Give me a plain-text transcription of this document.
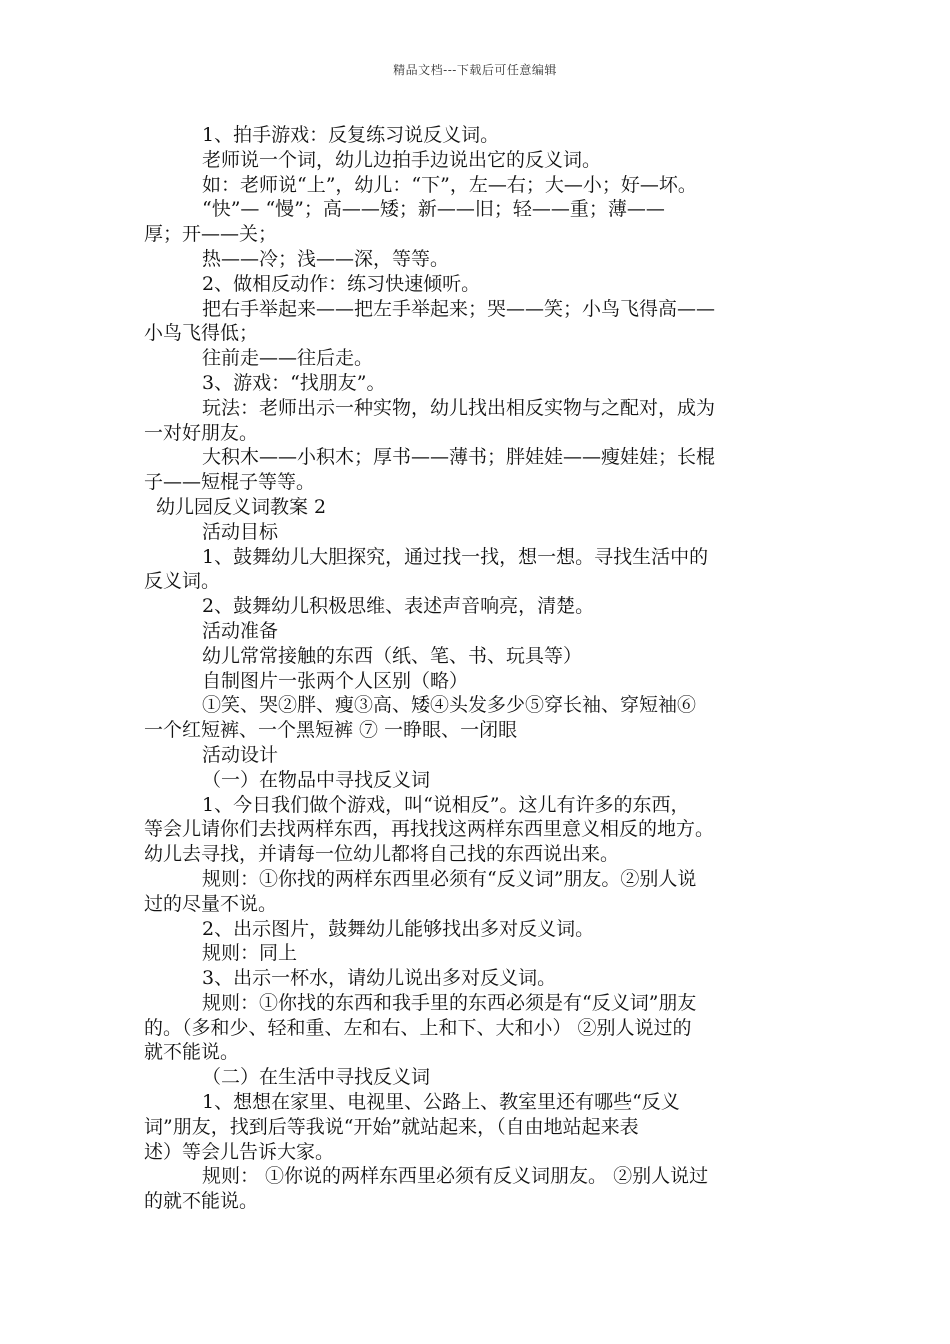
精品文档---下载后可任意编辑
1、拍手游戏：反复练习说反义词。
老师说一个词，幼儿边拍手边说出它的反义词。
如：老师说“上”，幼儿：“下”，左—右；大—小；好—坏。
“快”— “慢”；高——矮；新——旧；轻——重；薄——
厚；开——关；
热——冷；浅——深，等等。
2、做相反动作：练习快速倾听。
把右手举起来——把左手举起来；哭——笑；小鸟飞得高——
小鸟飞得低；
往前走——往后走。
3、游戏：“找朋友”。
玩法：老师出示一种实物，幼儿找出相反实物与之配对，成为
一对好朋友。
大积木——小积木；厚书——薄书；胖娃娃——瘦娃娃；长棍
子——短棍子等等。
幼儿园反义词教案 2
活动目标
1、鼓舞幼儿大胆探究，通过找一找，想一想。寻找生活中的
反义词。
2、鼓舞幼儿积极思维、表述声音响亮，清楚。
活动准备
幼儿常常接触的东西（纸、笔、书、玩具等）
自制图片一张两个人区别（略）
①笑、哭②胖、瘦③高、矮④头发多少⑤穿长袖、穿短袖⑥
一个红短裤、一个黑短裤 ⑦ 一睁眼、一闭眼
活动设计
（一）在物品中寻找反义词
1、今日我们做个游戏，叫“说相反”。这儿有许多的东西，
等会儿请你们去找两样东西，再找找这两样东西里意义相反的地方。
幼儿去寻找，并请每一位幼儿都将自己找的东西说出来。
规则：①你找的两样东西里必须有“反义词”朋友。②别人说
过的尽量不说。
2、出示图片，鼓舞幼儿能够找出多对反义词。
规则：同上
3、出示一杯水，请幼儿说出多对反义词。
规则：①你找的东西和我手里的东西必须是有“反义词”朋友
的。（多和少、轻和重、左和右、上和下、大和小） ②别人说过的
就不能说。
（二）在生活中寻找反义词
1、想想在家里、电视里、公路上、教室里还有哪些“反义
词”朋友，找到后等我说“开始”就站起来，（自由地站起来表
述）等会儿告诉大家。
规则： ①你说的两样东西里必须有反义词朋友。 ②别人说过
的就不能说。
